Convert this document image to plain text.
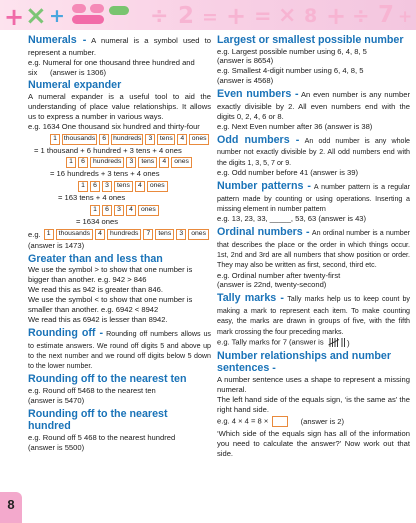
+ × +	÷ 2 = + = × 8 + ÷ 7 +

Numerals - A numeral is a symbol used to represent a number.

e.g. Numeral for one thousand three hundred and

six      (answer is 1306)

Numeral expander

A numeral expander is a useful tool to aid the understanding of place value relationships. It allows us to express a number in various ways.

e.g. 1634 One thousand six hundred and thirty-four

1	thousands	6	hundreds	3	tens	4	ones

= 1 thousand + 6 hundred + 3 tens + 4 ones

1	6	hundreds	3	tens	4	ones

= 16 hundreds + 3 tens + 4 ones

1	6	3	tens	4	ones

= 163 tens + 4 ones

1	6	3	4	ones

= 1634 ones

e.g. 1	thousands	4	hundreds	7	tens	3	ones

(answer is 1473)

Greater than and less than

We use the symbol > to show that one number is bigger than another. e.g. 942 > 846

We read this as 942 is greater than 846.

We use the symbol < to show that one number is smaller than another. e.g. 6942 < 8942

We read this as 6942 is lesser than 8942.

Rounding off - Rounding off numbers allows us to estimate answers. We round off digits 5 and above up to the next number and we round off digits below 5 down to the lower number.

Rounding off to the nearest ten

e.g. Round off 5468 to the nearest ten

(answer is 5470)

Rounding off to the nearest hundred

e.g. Round off 5 468 to the nearest hundred

(answer is 5500)

Largest or smallest possible number

e.g. Largest possible number using 6, 4, 8, 5

(answer is 8654)

e.g. Smallest 4-digit number using 6, 4, 8, 5

(answer is 4568)

Even numbers - An even number is any number exactly divisible by 2. All even numbers end with the digits 0, 2, 4, 6 or 8.

e.g. Next Even number after 36 (answer is 38)

Odd numbers - An odd number is any whole number not exactly divisible by 2. All odd numbers end with the digits 1, 3, 5, 7 or 9.

e.g. Odd number before 41 (answer is 39)

Number patterns - A number pattern is a regular pattern made by counting or using operations. Inserting a missing element in number pattern

e.g. 13, 23, 33, _____, 53, 63 (answer is 43)

Ordinal numbers - An ordinal number is a number that describes the place or the order in which things occur. 1st, 2nd and 3rd are all numbers that show position or order. They may also be written as first, second, third etc.

e.g. Ordinal number after twenty-first

(answer is 22nd, twenty-second)

Tally marks - Tally marks help us to keep count by making a mark to represent each item. To make counting easy, the marks are drawn in groups of five, with the fifth mark crossing the four preceding marks.

e.g. Tally marks for 7 (answer is	)

Number relationships and number sentences -

A number sentence uses a shape to represent a missing numeral.

The left hand side of the equals sign, ‘is the same as’ the right hand side.

e.g. 4 × 4 = 8 ×	(answer is 2)

‘Which side of the equals sign has all of the information you need to calculate the answer?’ Now work out that side.

8
